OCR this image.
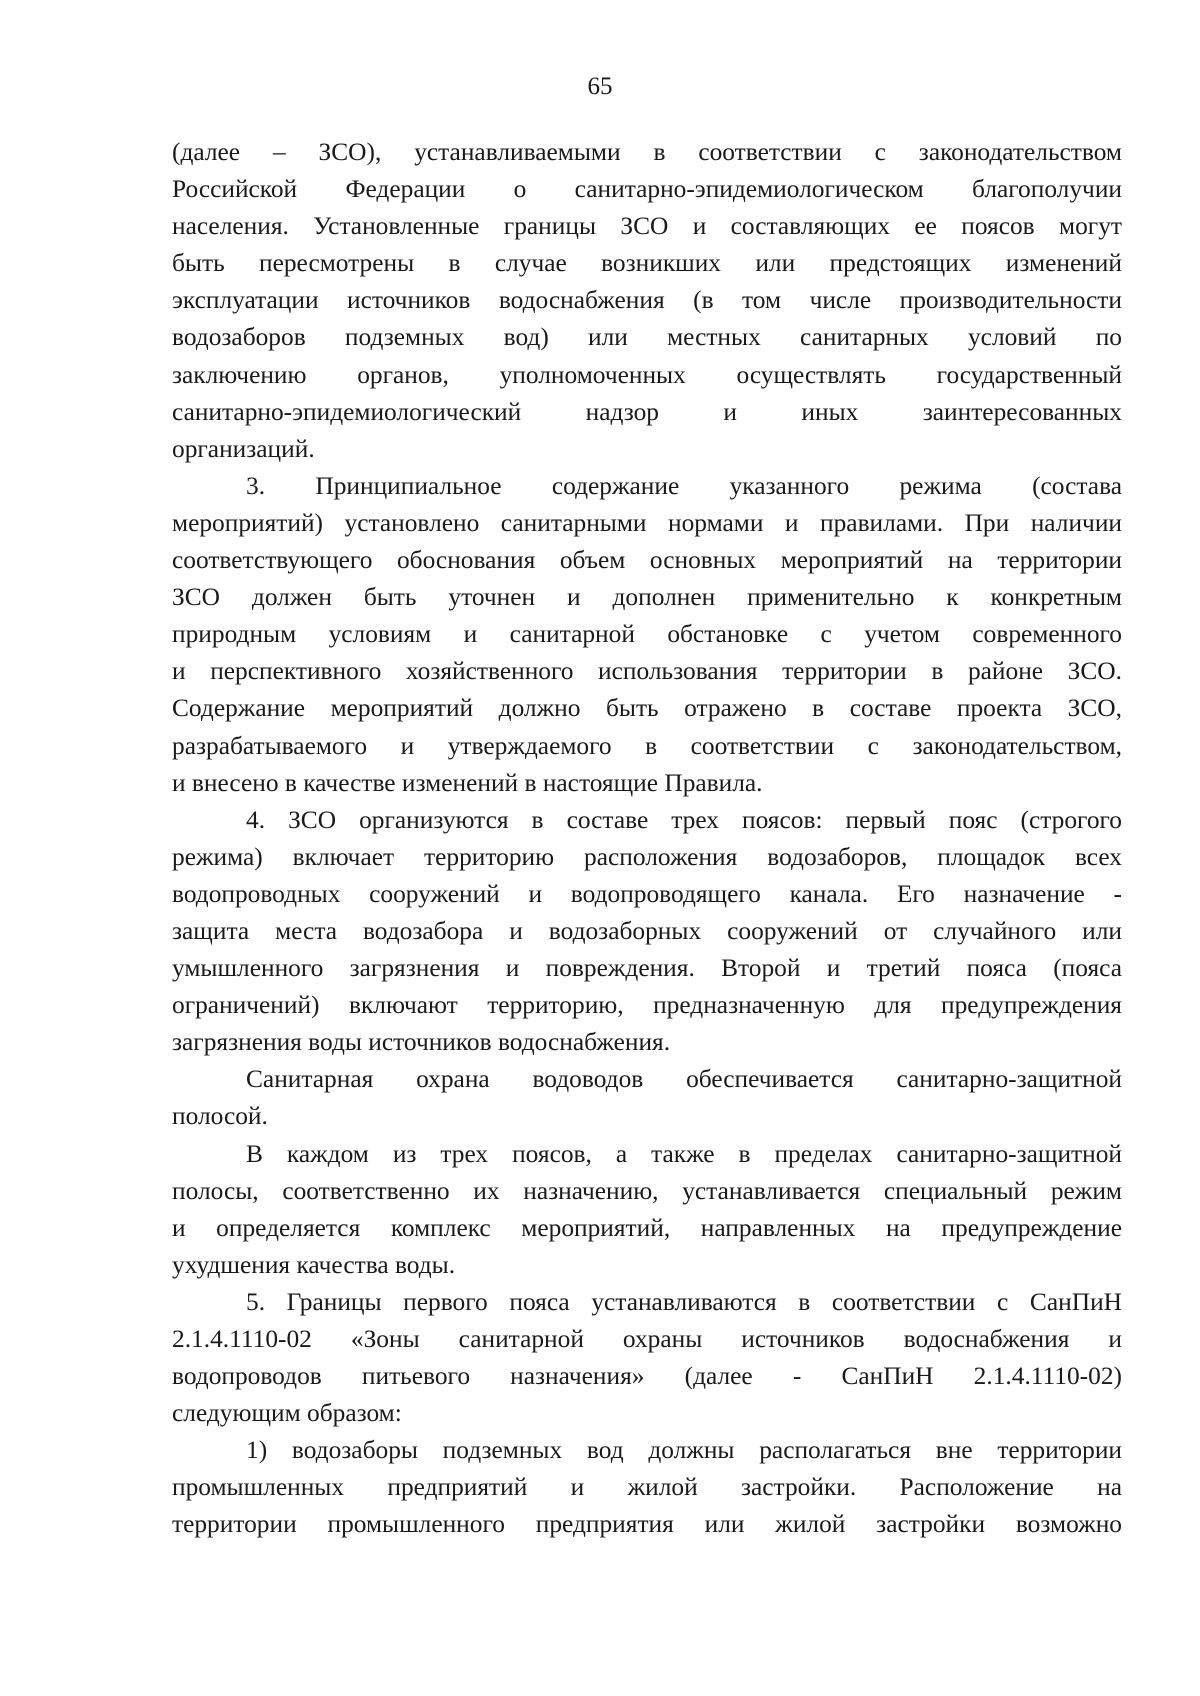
65

(далее – ЗСО), устанавливаемыми в соответствии с законодательством
Российской Федерации о санитарно-эпидемиологическом благополучии
населения. Установленные границы ЗСО и составляющих ее поясов могут
быть пересмотрены в случае возникших или предстоящих изменений
эксплуатации источников водоснабжения (в том числе производительности
водозаборов подземных вод) или местных санитарных условий по
заключению органов, уполномоченных осуществлять государственный
санитарно-эпидемиологический надзор и иных заинтересованных
организаций.

3. Принципиальное содержание указанного режима (состава
мероприятий) установлено санитарными нормами и правилами. При наличии
соответствующего обоснования объем основных мероприятий на территории
ЗСО должен быть уточнен и дополнен применительно к конкретным
природным условиям и санитарной обстановке с учетом современного
и перспективного хозяйственного использования территории в районе ЗСО.
Содержание мероприятий должно быть отражено в составе проекта ЗСО,
разрабатываемого и утверждаемого в соответствии с законодательством,
и внесено в качестве изменений в настоящие Правила.

4. ЗСО организуются в составе трех поясов: первый пояс (строгого
режима) включает территорию расположения водозаборов, площадок всех
водопроводных сооружений и водопроводящего канала. Его назначение -
защита места водозабора и водозаборных сооружений от случайного или
умышленного загрязнения и повреждения. Второй и третий пояса (пояса
ограничений) включают территорию, предназначенную для предупреждения
загрязнения воды источников водоснабжения.

Санитарная охрана водоводов обеспечивается санитарно-защитной
полосой.

В каждом из трех поясов, а также в пределах санитарно-защитной
полосы, соответственно их назначению, устанавливается специальный режим
и определяется комплекс мероприятий, направленных на предупреждение
ухудшения качества воды.

5. Границы первого пояса устанавливаются в соответствии с СанПиН
2.1.4.1110-02 «Зоны санитарной охраны источников водоснабжения и
водопроводов питьевого назначения» (далее - СанПиН 2.1.4.1110-02)
следующим образом:

1) водозаборы подземных вод должны располагаться вне территории
промышленных предприятий и жилой застройки. Расположение на
территории промышленного предприятия или жилой застройки возможно
